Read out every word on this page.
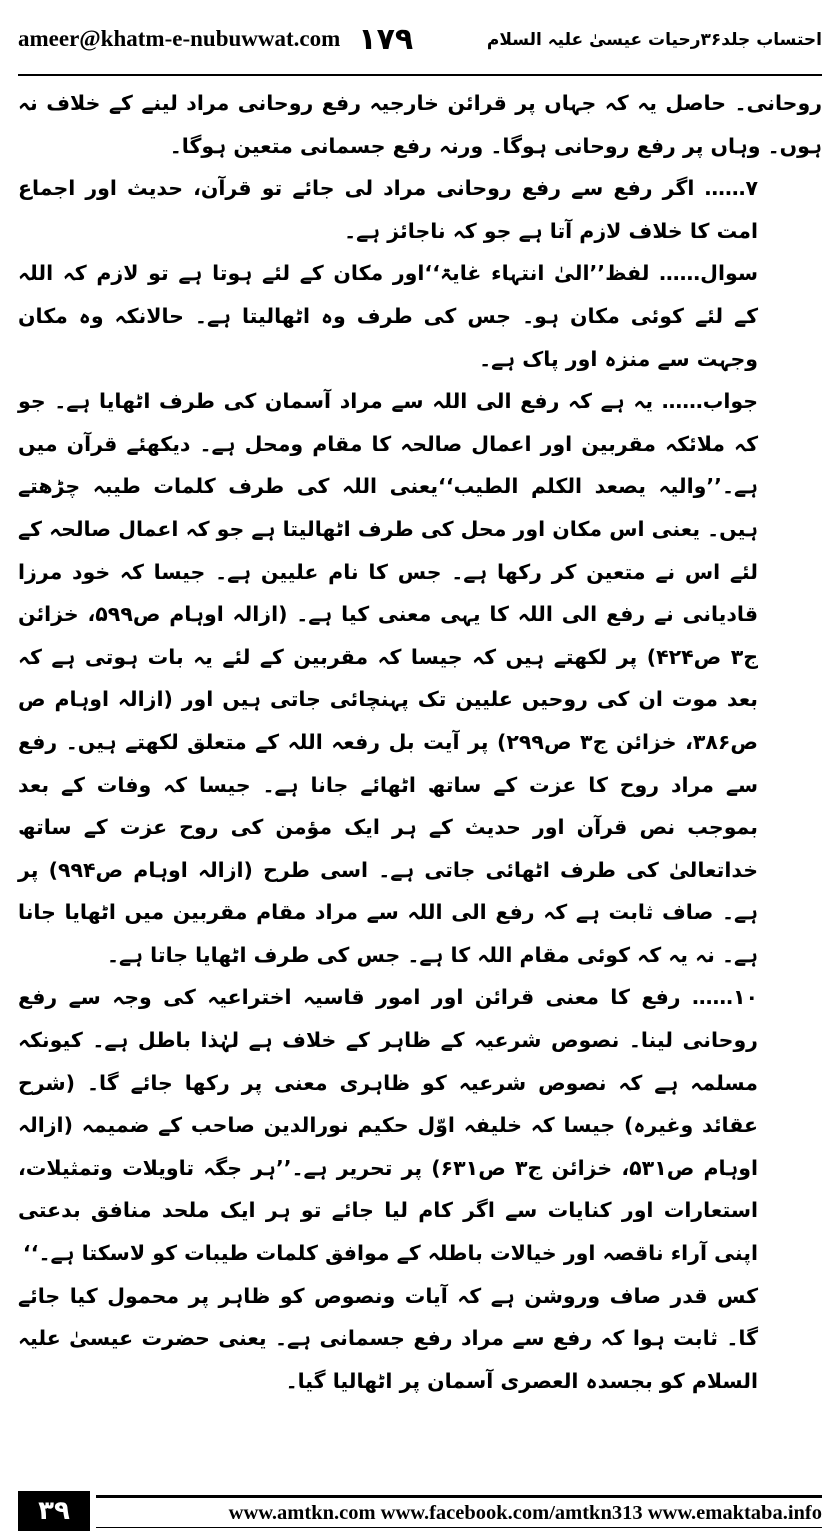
ameer@khatm-e-nubuwwat.com ۱۷۹	احتساب جلد۳۶رحیات عیسیٰ علیہ السلام

روحانی۔ حاصل یہ کہ جہاں پر قرائن خارجیہ رفع روحانی مراد لینے کے خلاف نہ ہوں۔ وہاں پر رفع روحانی ہوگا۔ ورنہ رفع جسمانی متعین ہوگا۔

۷…… اگر رفع سے رفع روحانی مراد لی جائے تو قرآن، حدیث اور اجماع امت کا خلاف لازم آتا ہے جو کہ ناجائز ہے۔

سوال…… لفظ’’الیٰ انتہاء غایۃ‘‘اور مکان کے لئے ہوتا ہے تو لازم کہ اللہ کے لئے کوئی مکان ہو۔ جس کی طرف وہ اٹھالیتا ہے۔ حالانکہ وہ مکان وجہت سے منزہ اور پاک ہے۔

جواب…… یہ ہے کہ رفع الی اللہ سے مراد آسمان کی طرف اٹھایا ہے۔ جو کہ ملائکہ مقربین اور اعمال صالحہ کا مقام ومحل ہے۔ دیکھئے قرآن میں ہے۔’’والیہ یصعد الکلم الطیب‘‘یعنی اللہ کی طرف کلمات طیبہ چڑھتے ہیں۔ یعنی اس مکان اور محل کی طرف اٹھالیتا ہے جو کہ اعمال صالحہ کے لئے اس نے متعین کر رکھا ہے۔ جس کا نام علیین ہے۔ جیسا کہ خود مرزا قادیانی نے رفع الی اللہ کا یہی معنی کیا ہے۔ (ازالہ اوہام ص۵۹۹، خزائن ج۳ ص۴۲۴) پر لکھتے ہیں کہ جیسا کہ مقربین کے لئے یہ بات ہوتی ہے کہ بعد موت ان کی روحیں علیین تک پہنچائی جاتی ہیں اور (ازالہ اوہام ص ص۳۸۶، خزائن ج۳ ص۲۹۹) پر آیت بل رفعہ اللہ کے متعلق لکھتے ہیں۔ رفع سے مراد روح کا عزت کے ساتھ اٹھائے جانا ہے۔ جیسا کہ وفات کے بعد بموجب نص قرآن اور حدیث کے ہر ایک مؤمن کی روح عزت کے ساتھ خداتعالیٰ کی طرف اٹھائی جاتی ہے۔ اسی طرح (ازالہ اوہام ص۹۹۴) پر ہے۔ صاف ثابت ہے کہ رفع الی اللہ سے مراد مقام مقربین میں اٹھایا جانا ہے۔ نہ یہ کہ کوئی مقام اللہ کا ہے۔ جس کی طرف اٹھایا جاتا ہے۔

۱۰…… رفع کا معنی قرائن اور امور قاسیہ اختراعیہ کی وجہ سے رفع روحانی لینا۔ نصوص شرعیہ کے ظاہر کے خلاف ہے لہٰذا باطل ہے۔ کیونکہ مسلمہ ہے کہ نصوص شرعیہ کو ظاہری معنی پر رکھا جائے گا۔ (شرح عقائد وغیرہ) جیسا کہ خلیفہ اوّل حکیم نورالدین صاحب کے ضمیمہ (ازالہ اوہام ص۵۳۱، خزائن ج۳ ص۶۳۱) پر تحریر ہے۔’’ہر جگہ تاویلات وتمثیلات، استعارات اور کنایات سے اگر کام لیا جائے تو ہر ایک ملحد منافق بدعتی اپنی آراء ناقصہ اور خیالات باطلہ کے موافق کلمات طیبات کو لاسکتا ہے۔‘‘

کس قدر صاف وروشن ہے کہ آیات ونصوص کو ظاہر پر محمول کیا جائے گا۔ ثابت ہوا کہ رفع سے مراد رفع جسمانی ہے۔ یعنی حضرت عیسیٰ علیہ السلام کو بجسدہ العصری آسمان پر اٹھالیا گیا۔

۳۹	www.amtkn.com www.facebook.com/amtkn313 www.emaktaba.info
